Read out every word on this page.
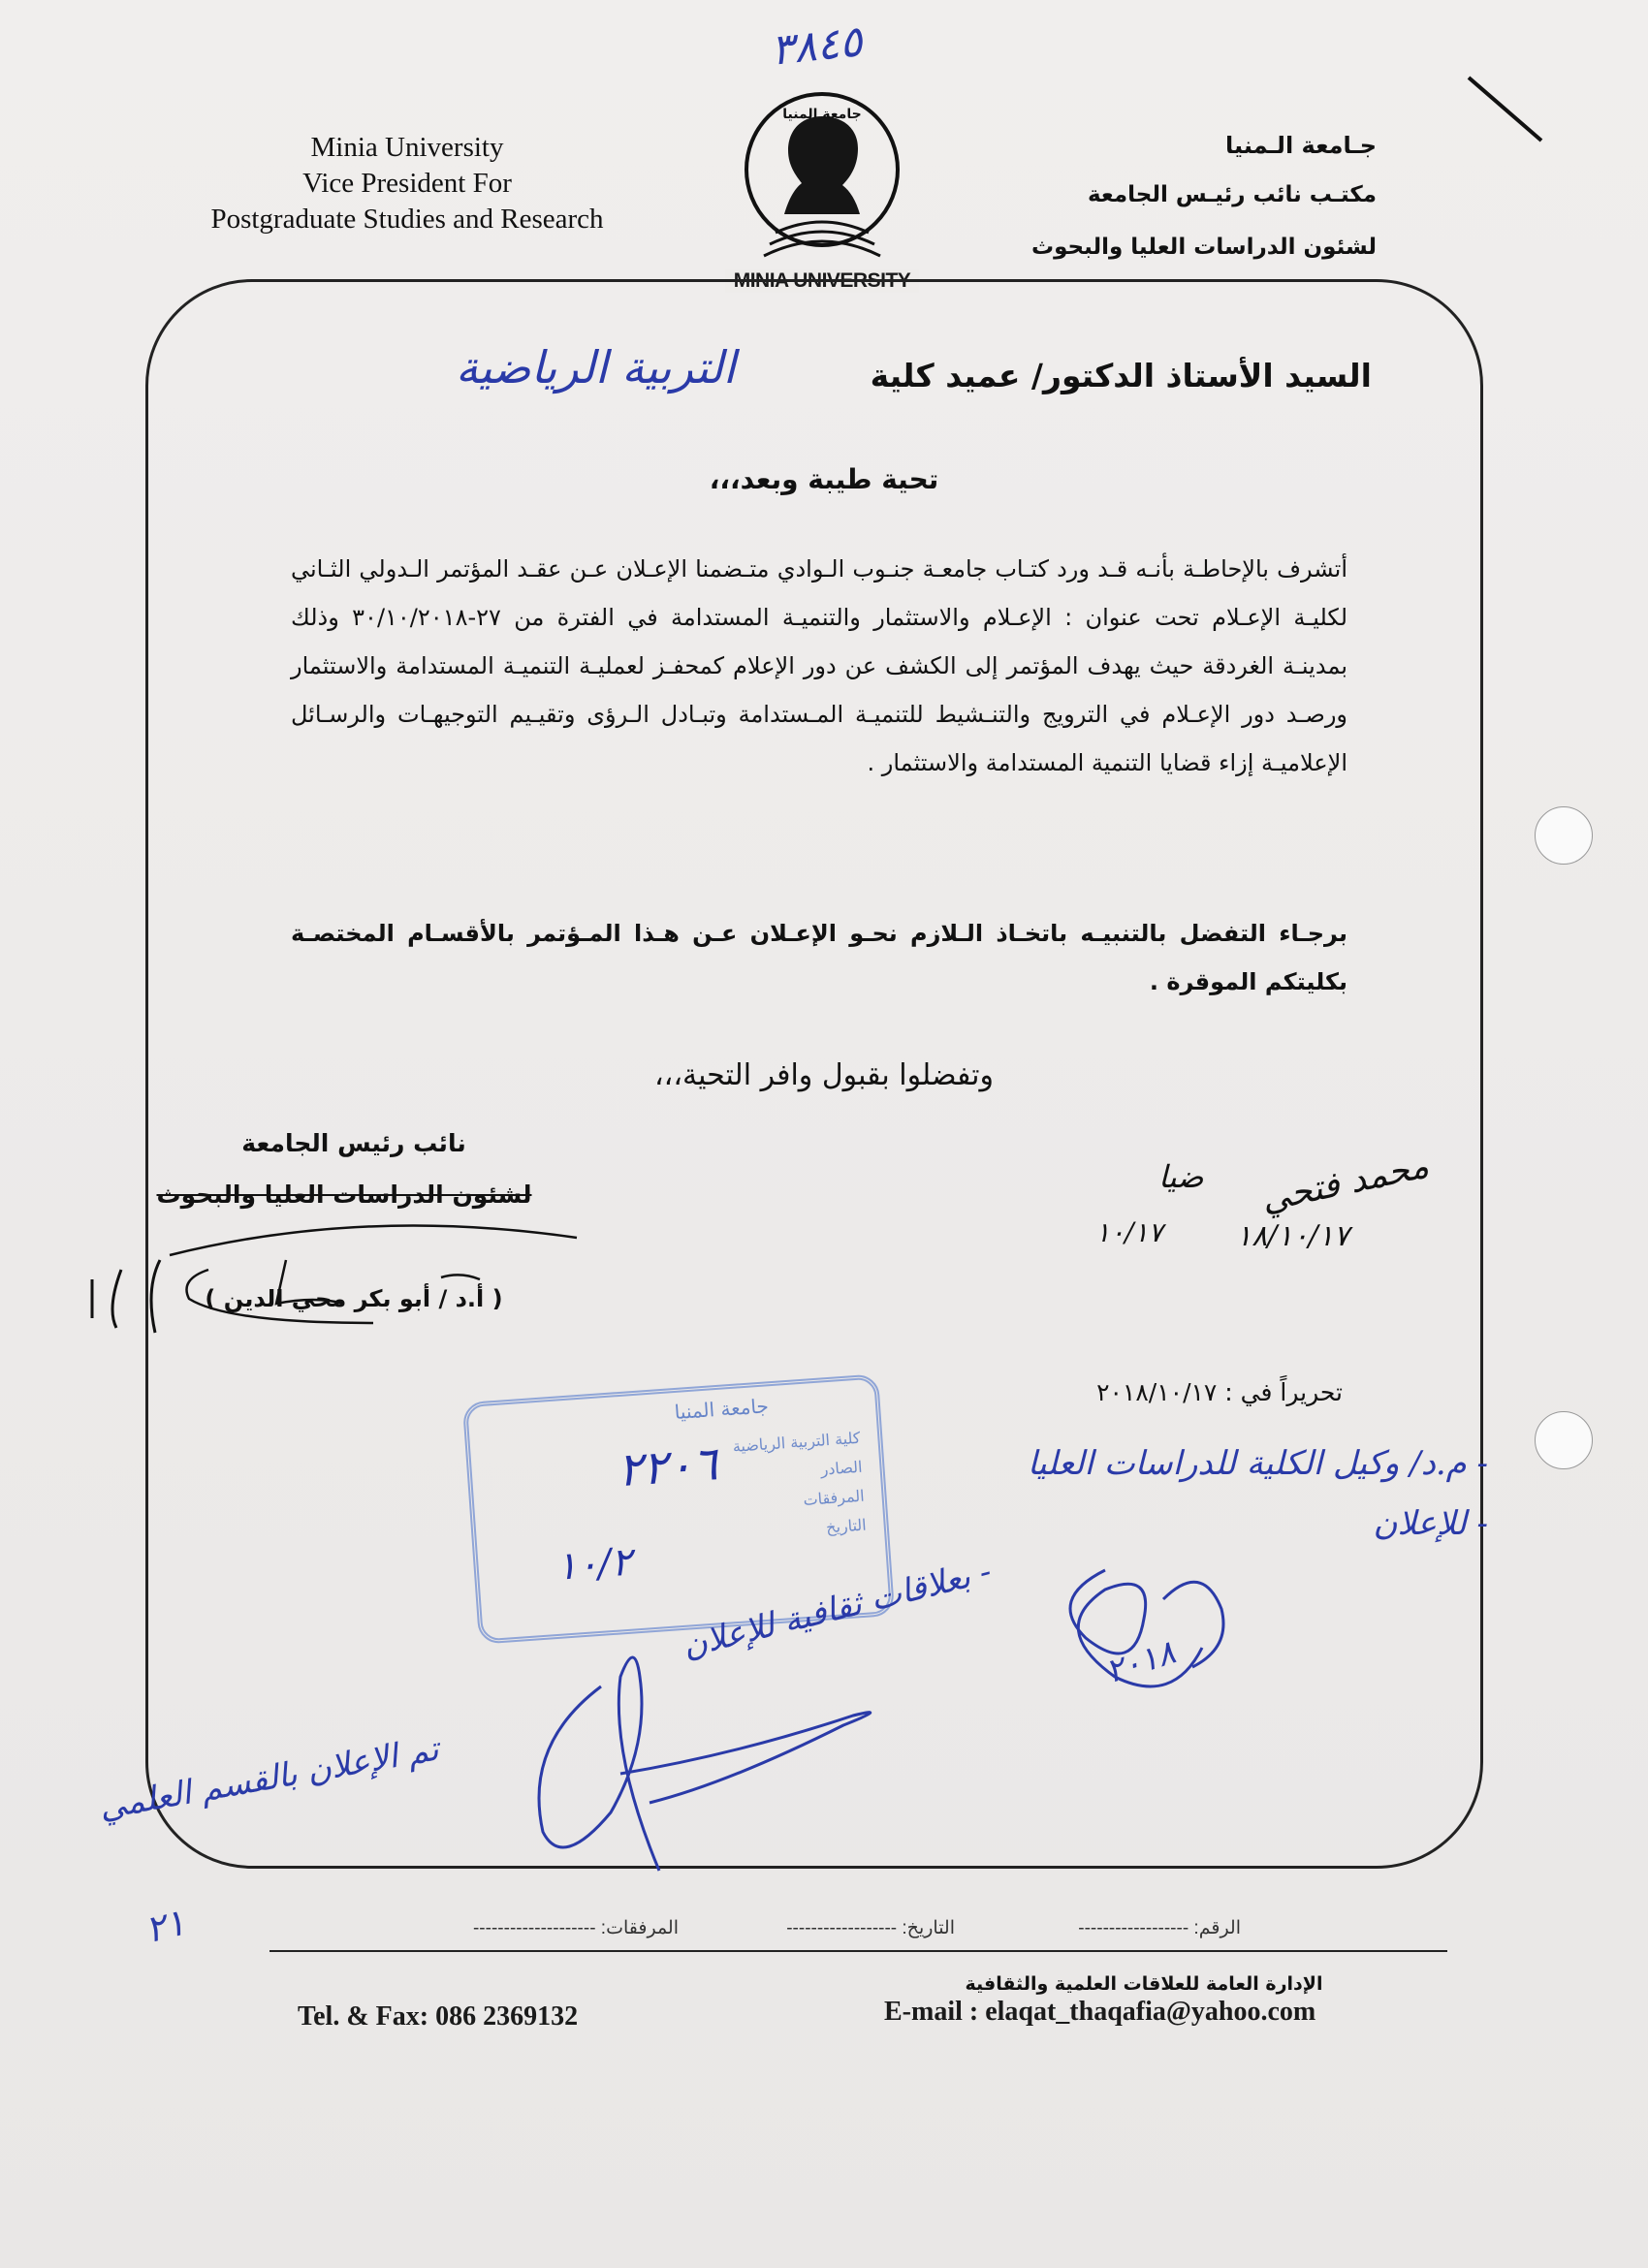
Minia University
Vice President For
Postgraduate Studies and Research
جـامعة الـمنيا
مكتـب نائب رئيـس الجامعة
لشئون الدراسات العليا والبحوث
٣٨٤٥
جامعة المنيا
MINIA UNIVERSITY
السيد الأستاذ الدكتور/ عميد كلية
التربية الرياضية
تحية طيبة وبعد،،،
أتشرف بالإحاطـة بأنـه قـد ورد كتـاب جامعـة جنـوب الـوادي متـضمنا الإعـلان عـن عقـد المؤتمر الـدولي الثـاني لكليـة الإعـلام تحت عنوان : الإعـلام والاستثمار والتنميـة المستدامة في الفترة من ٢٧-٣٠/١٠/٢٠١٨ وذلك بمدينـة الغردقة حيث يهدف المؤتمر إلى الكشف عن دور الإعلام كمحفـز لعمليـة التنميـة المستدامة والاستثمار ورصـد دور الإعـلام في الترويج والتنـشيط للتنميـة المـستدامة وتبـادل الـرؤى وتقيـيم التوجيهـات والرسـائل الإعلاميـة إزاء قضايا التنمية المستدامة والاستثمار .
برجـاء التفضل بالتنبيـه باتخـاذ الـلازم نحـو الإعـلان عـن هـذا المـؤتمر بالأقسـام المختصـة بكليتكم الموقرة .
وتفضلوا بقبول وافر التحية،،،
نائب رئيس الجامعة
لشئون الدراسات العليا والبحوث
( أ.د / أبو بكر محي الدين )
محمد فتحي
١٨/١٠/١٧
ضيا
١٠/١٧
تحريراً في : ٢٠١٨/١٠/١٧
جامعة المنيا
كلية التربية الرياضية
الصادر
المرفقات
التاريخ
٢٢٠٦
١٠/٢
- م.د/ وكيل الكلية للدراسات العليا
- للإعلان
- بعلاقات ثقافية للإعلان
تم الإعلان بالقسم العلمي
٢٠١٨
٢١	الرقم: ------------------
التاريخ: ------------------
المرفقات: --------------------
الإدارة العامة للعلاقات العلمية والثقافية
E-mail : elaqat_thaqafia@yahoo.com
Tel. & Fax: 086 2369132
